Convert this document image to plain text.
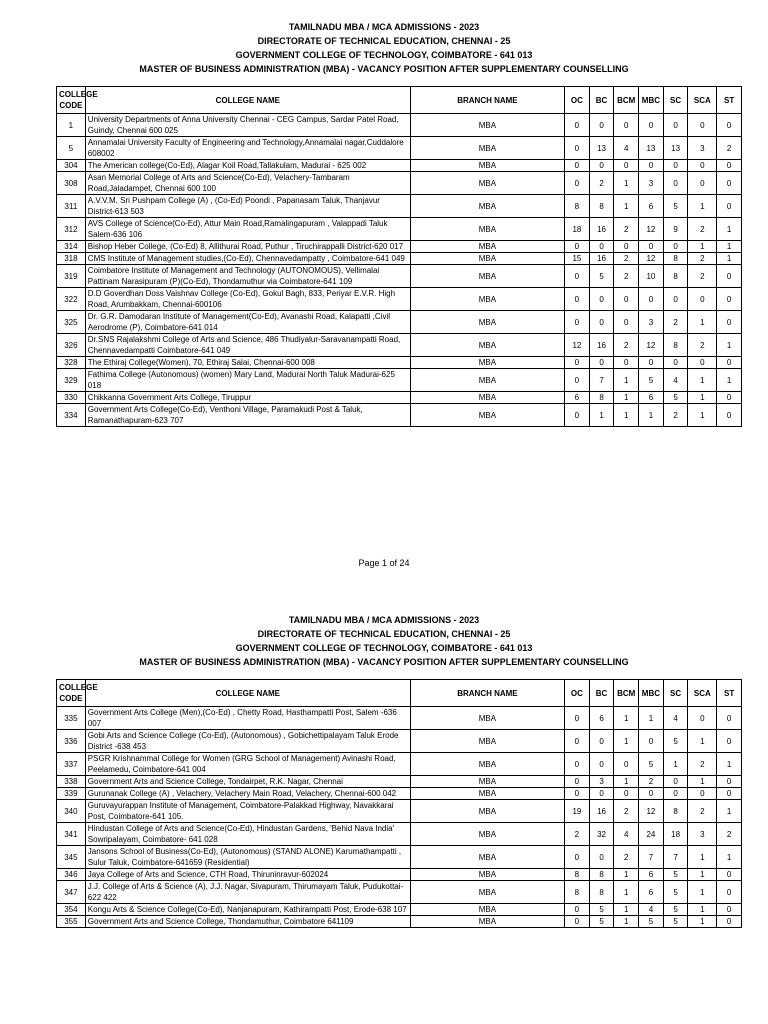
TAMILNADU MBA / MCA ADMISSIONS - 2023
DIRECTORATE OF TECHNICAL EDUCATION, CHENNAI - 25
GOVERNMENT COLLEGE OF TECHNOLOGY, COIMBATORE - 641 013
MASTER OF BUSINESS ADMINISTRATION (MBA) - VACANCY POSITION AFTER SUPPLEMENTARY COUNSELLING
COLLEGE
CODE	COLLEGE NAME	BRANCH NAME	OC	BC	BCM	MBC	SC	SCA	ST
1	University Departments of Anna University Chennai - CEG Campus, Sardar Patel Road, Guindy, Chennai 600 025	MBA	0	0	0	0	0	0	0
5	Annamalai University Faculty of Engineering and Technology,Annamalai nagar,Cuddalore 608002	MBA	0	13	4	13	13	3	2
304	The American college(Co-Ed), Alagar Koil Road,Tallakulam, Madurai - 625 002	MBA	0	0	0	0	0	0	0
308	Asan Memorial College of Arts and Science(Co-Ed), Velachery-Tambaram Road,Jaladampet, Chennai 600 100	MBA	0	2	1	3	0	0	0
311	A.V.V.M. Sri Pushpam College (A) , (Co-Ed) Poondi , Papanasam Taluk, Thanjavur District-613 503	MBA	8	8	1	6	5	1	0
312	AVS College of Science(Co-Ed), Attur Main Road,Ramalingapuram , Valappadi Taluk Salem-636 106	MBA	18	16	2	12	9	2	1
314	Bishop Heber College, (Co-Ed) 8, Allithurai Road, Puthur , Tiruchirappalli District-620 017	MBA	0	0	0	0	0	1	1
318	CMS Institute of Management studies,(Co-Ed), Chennavedampatty , Coimbatore-641 049	MBA	15	16	2	12	8	2	1
319	Coimbatore Institute of Management and Technology (AUTONOMOUS), Vellimalai Pattinam Narasipuram (P)(Co-Ed), Thondamuthur via Coimbatore-641 109	MBA	0	5	2	10	8	2	0
322	D.D Goverdhan Doss Vaishnav College (Co-Ed), Gokul Bagh, 833, Periyar E.V.R. High Road, Arumbakkam, Chennai-600106	MBA	0	0	0	0	0	0	0
325	Dr. G.R. Damodaran Institute of Management(Co-Ed), Avanashi Road, Kalapatti ,Civil Aerodrome (P), Coimbatore-641 014	MBA	0	0	0	3	2	1	0
326	Dr.SNS Rajalakshmi College of Arts and Science, 486 Thudiyalur-Saravanampatti Road, Chennavedampatti Coimbatore-641 049	MBA	12	16	2	12	8	2	1
328	The Ethiraj College(Women), 70, Ethiraj Salai, Chennai-600 008	MBA	0	0	0	0	0	0	0
329	Fathima College (Autonomous) (women) Mary Land, Madurai North Taluk Madurai-625 018	MBA	0	7	1	5	4	1	1
330	Chikkanna Government Arts College, Tiruppur	MBA	6	8	1	6	5	1	0
334	Government Arts College(Co-Ed), Venthoni Village, Paramakudi Post & Taluk, Ramanathapuram-623 707	MBA	0	1	1	1	2	1	0
Page 1 of 24
TAMILNADU MBA / MCA ADMISSIONS - 2023
DIRECTORATE OF TECHNICAL EDUCATION, CHENNAI - 25
GOVERNMENT COLLEGE OF TECHNOLOGY, COIMBATORE - 641 013
MASTER OF BUSINESS ADMINISTRATION (MBA) - VACANCY POSITION AFTER SUPPLEMENTARY COUNSELLING
COLLEGE
CODE	COLLEGE NAME	BRANCH NAME	OC	BC	BCM	MBC	SC	SCA	ST
335	Government Arts College (Men),(Co-Ed) , Chetty Road, Hasthampatti Post, Salem -636 007	MBA	0	6	1	1	4	0	0
336	Gobi Arts and Science College (Co-Ed), (Autonomous) , Gobichettipalayam Taluk Erode District -638 453	MBA	0	0	1	0	5	1	0
337	PSGR Krishnammal College for Women (GRG School of Management) Avinashi Road, Peelamedu, Coimbatore-641 004	MBA	0	0	0	5	1	2	1
338	Government Arts and Science College, Tondairpet, R.K. Nagar, Chennai	MBA	0	3	1	2	0	1	0
339	Gurunanak College (A) , Velachery, Velachery Main Road, Velachery, Chennai-600 042	MBA	0	0	0	0	0	0	0
340	Guruvayurappan Institute of Management, Coimbatore-Palakkad Highway, Navakkarai Post, Coimbatore-641 105.	MBA	19	16	2	12	8	2	1
341	Hindustan College of Arts and Science(Co-Ed), Hindustan Gardens, 'Behid Nava India' Sowripalayam, Coimbatore- 641 028	MBA	2	32	4	24	18	3	2
345	Jansons School of Business(Co-Ed), (Autonomous) (STAND ALONE) Karumathampatti , Sulur Taluk, Coimbatore-641659 (Residential)	MBA	0	0	2	7	7	1	1
346	Jaya College of Arts and Science, CTH Road, Thiruninravur-602024	MBA	8	8	1	6	5	1	0
347	J.J. College of Arts & Science (A), J.J. Nagar, Sivapuram, Thirumayam Taluk, Pudukottai-622 422	MBA	8	8	1	6	5	1	0
354	Kongu Arts & Science College(Co-Ed), Nanjanapuram, Kathirampatti Post, Erode-638 107	MBA	0	5	1	4	5	1	0
355	Government Arts and Science College, Thondamuthur, Coimbatore 641109	MBA	0	5	1	5	5	1	0
